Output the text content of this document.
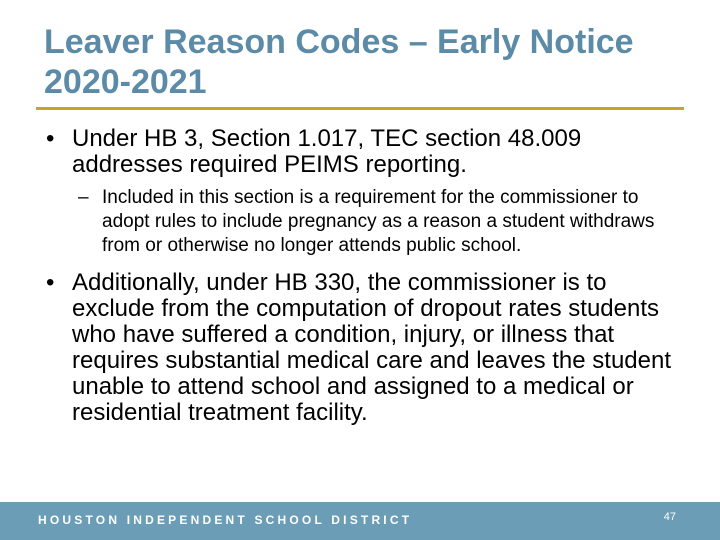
Leaver Reason Codes – Early Notice 2020-2021
• Under HB 3, Section 1.017, TEC section 48.009 addresses required PEIMS reporting.
– Included in this section is a requirement for the commissioner to adopt rules to include pregnancy as a reason a student withdraws from or otherwise no longer attends public school.
• Additionally, under HB 330, the commissioner is to exclude from the computation of dropout rates students who have suffered a condition, injury, or illness that requires substantial medical care and leaves the student unable to attend school and assigned to a medical or residential treatment facility.
HOUSTON INDEPENDENT SCHOOL DISTRICT	47
